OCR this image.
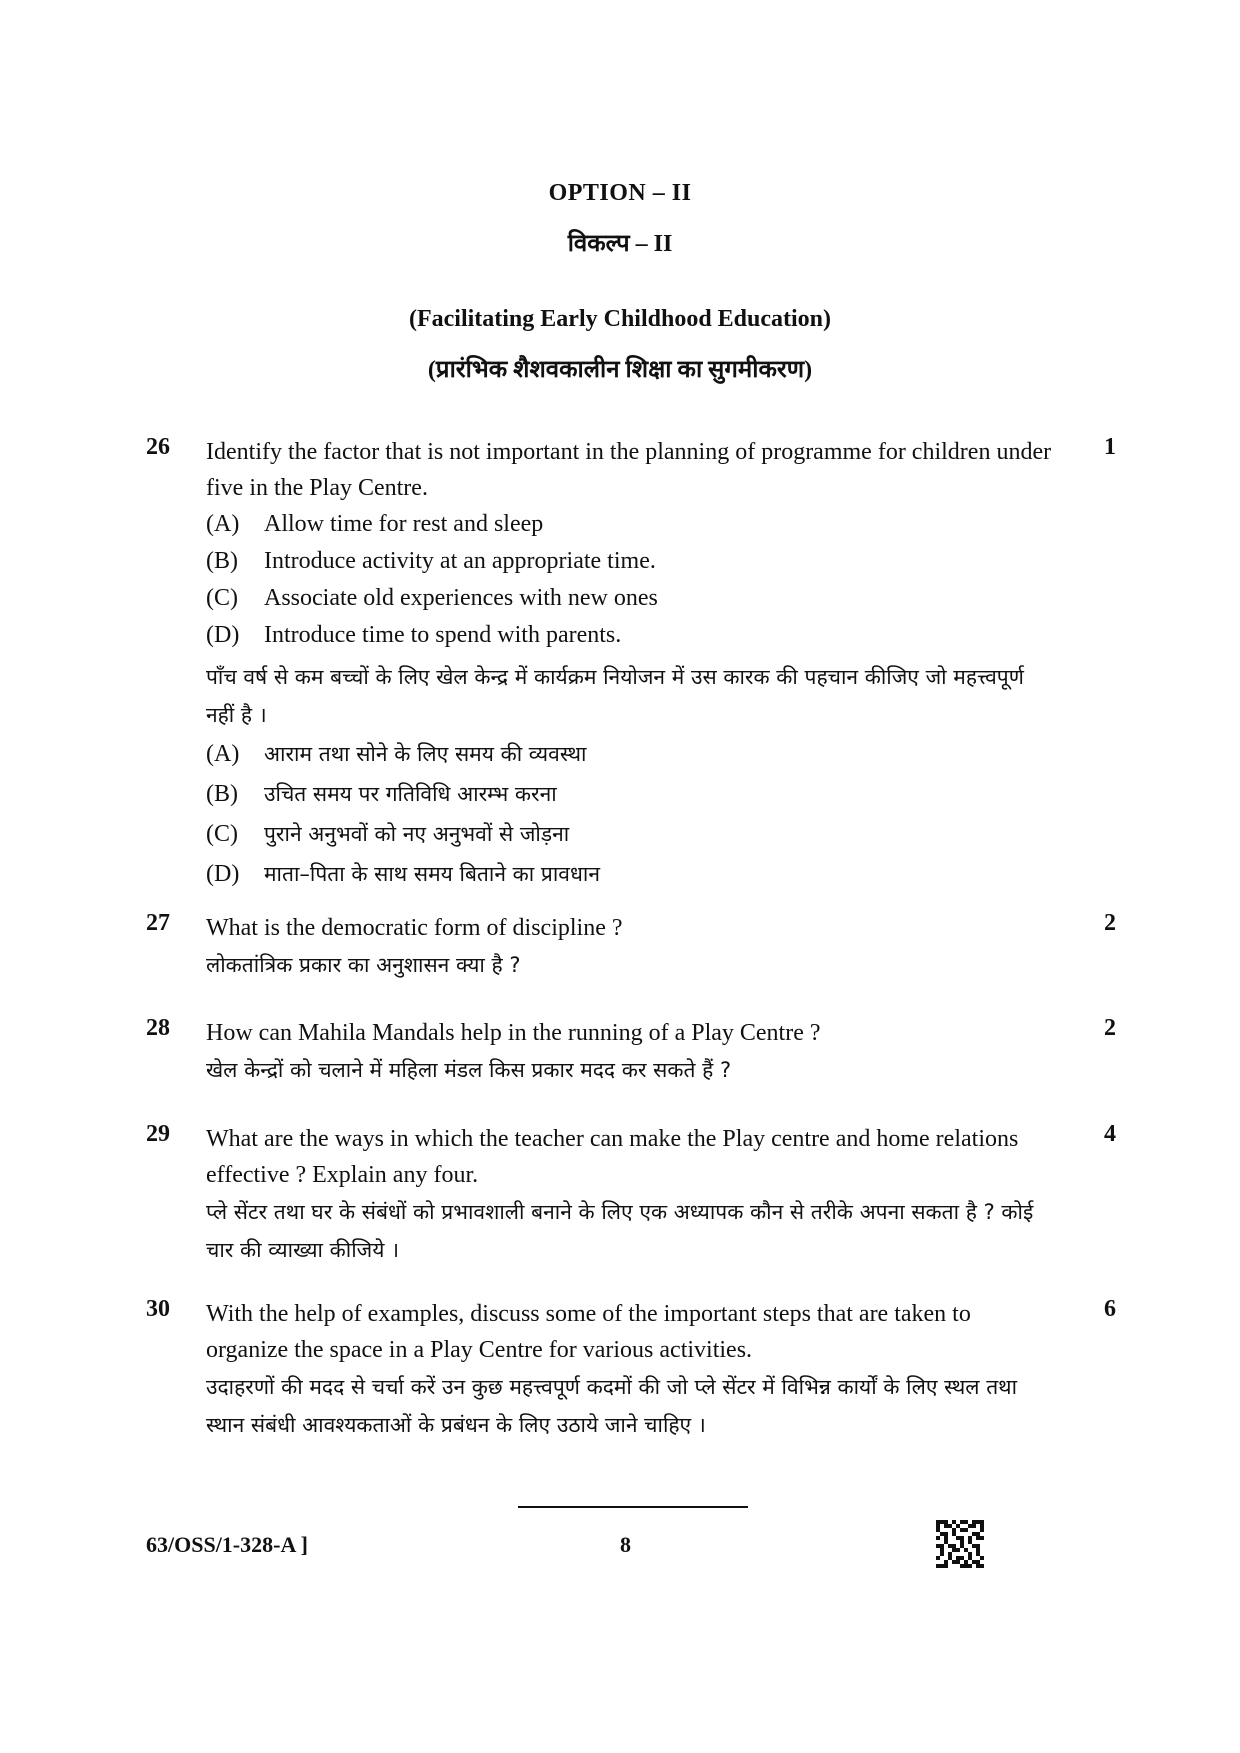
OPTION – II
विकल्प – II
(Facilitating Early Childhood Education)
(प्रारंभिक शैशवकालीन शिक्षा का सुगमीकरण)
26	1
Identify the factor that is not important in the planning of programme for children under five in the Play Centre.
(A)	Allow time for rest and sleep
(B)	Introduce activity at an appropriate time.
(C)	Associate old experiences with new ones
(D)	Introduce time to spend with parents.
पाँच वर्ष से कम बच्चों के लिए खेल केन्द्र में कार्यक्रम नियोजन में उस कारक की पहचान कीजिए जो महत्त्वपूर्ण नहीं है ।
(A)	आराम तथा सोने के लिए समय की व्यवस्था
(B)	उचित समय पर गतिविधि आरम्भ करना
(C)	पुराने अनुभवों को नए अनुभवों से जोड़ना
(D)	माता–पिता के साथ समय बिताने का प्रावधान
27	2
What is the democratic form of discipline ?
लोकतांत्रिक प्रकार का अनुशासन क्या है ?
28	2
How can Mahila Mandals help in the running of a Play Centre ?
खेल केन्द्रों को चलाने में महिला मंडल किस प्रकार मदद कर सकते हैं ?
29	4
What are the ways in which the teacher can make the Play centre and home relations effective ? Explain any four.
प्ले सेंटर तथा घर के संबंधों को प्रभावशाली बनाने के लिए एक अध्यापक कौन से तरीके अपना सकता है ? कोई चार की व्याख्या कीजिये ।
30	6
With the help of examples, discuss some of the important steps that are taken to organize the space in a Play Centre for various activities.
उदाहरणों की मदद से चर्चा करें उन कुछ महत्त्वपूर्ण कदमों की जो प्ले सेंटर में विभिन्न कार्यों के लिए स्थल तथा स्थान संबंधी आवश्यकताओं के प्रबंधन के लिए उठाये जाने चाहिए ।
63/OSS/1-328-A ]	8
